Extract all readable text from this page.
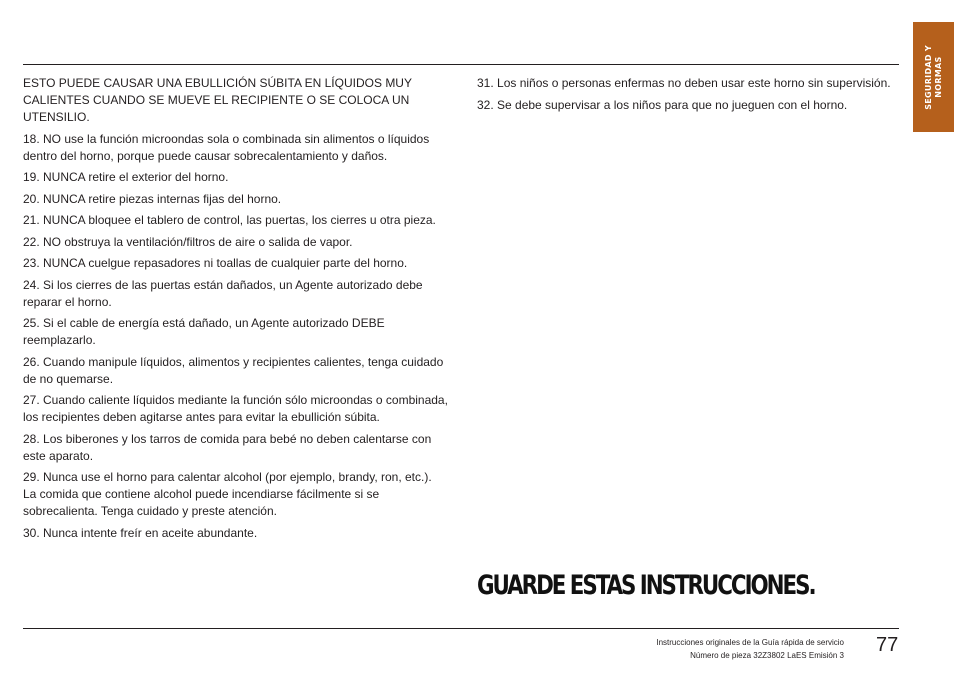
SEGURIDAD Y
NORMAS

ESTO PUEDE CAUSAR UNA EBULLICIÓN SÚBITA EN LÍQUIDOS MUY CALIENTES CUANDO SE MUEVE EL RECIPIENTE O SE COLOCA UN UTENSILIO.

18. NO use la función microondas sola o combinada sin alimentos o líquidos dentro del horno, porque puede causar sobrecalentamiento y daños.

19. NUNCA retire el exterior del horno.

20. NUNCA retire piezas internas fijas del horno.

21. NUNCA bloquee el tablero de control, las puertas, los cierres u otra pieza.

22. NO obstruya la ventilación/filtros de aire o salida de vapor.

23. NUNCA cuelgue repasadores ni toallas de cualquier parte del horno.

24. Si los cierres de las puertas están dañados, un Agente autorizado debe reparar el horno.

25. Si el cable de energía está dañado, un Agente autorizado DEBE reemplazarlo.

26. Cuando manipule líquidos, alimentos y recipientes calientes, tenga cuidado de no quemarse.

27. Cuando caliente líquidos mediante la función sólo microondas o combinada, los recipientes deben agitarse antes para evitar la ebullición súbita.

28. Los biberones y los tarros de comida para bebé no deben calentarse con este aparato.

29. Nunca use el horno para calentar alcohol (por ejemplo, brandy, ron, etc.). La comida que contiene alcohol puede incendiarse fácilmente si se sobrecalienta. Tenga cuidado y preste atención.

30. Nunca intente freír en aceite abundante.

31. Los niños o personas enfermas no deben usar este horno sin supervisión.

32. Se debe supervisar a los niños para que no jueguen con el horno.

GUARDE ESTAS INSTRUCCIONES.
Instrucciones originales de la Guía rápida de servicio
Número de pieza 32Z3802 LaES Emisión 3 77
